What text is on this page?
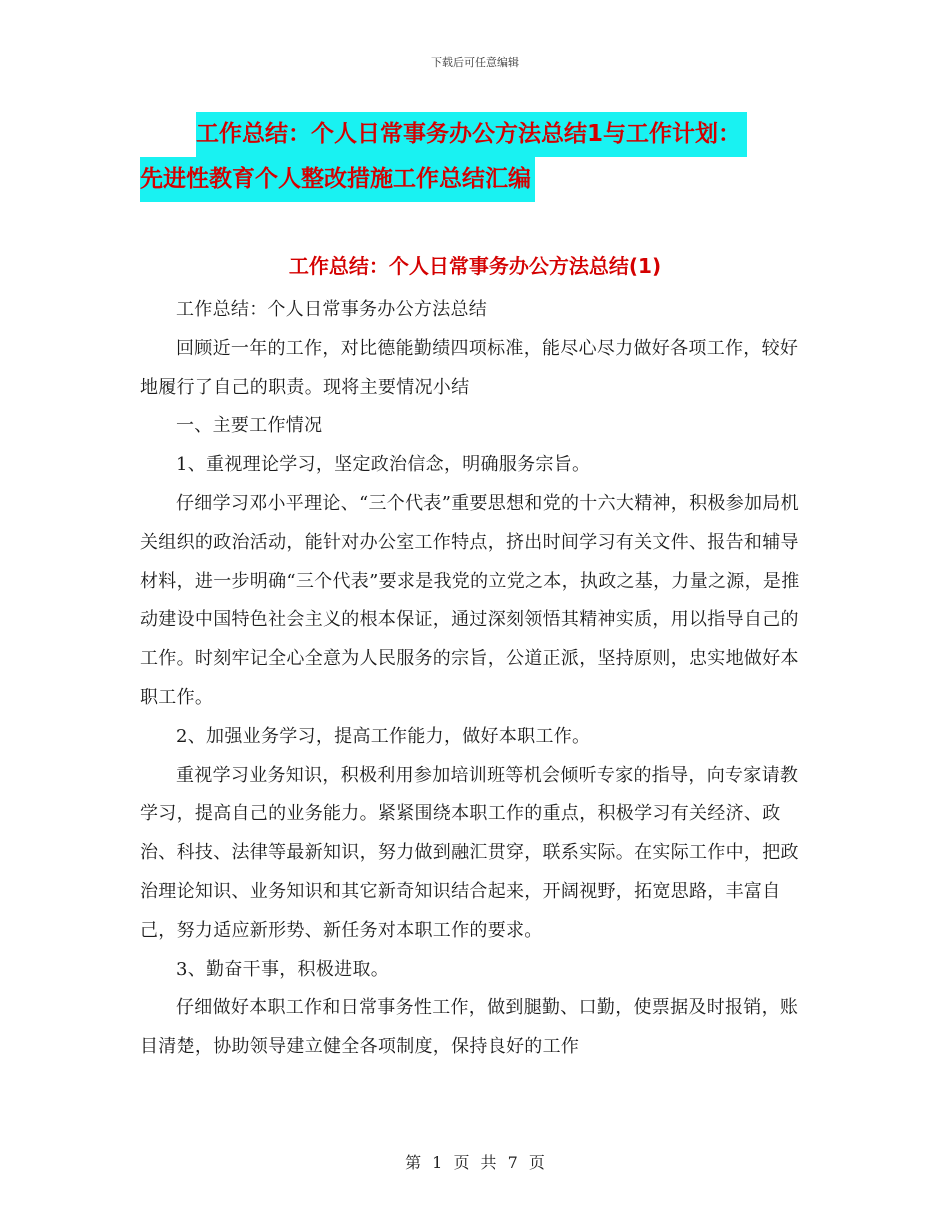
下载后可任意编辑
工作总结：个人日常事务办公方法总结1与工作计划：
先进性教育个人整改措施工作总结汇编
工作总结：个人日常事务办公方法总结(1)

工作总结：个人日常事务办公方法总结

回顾近一年的工作，对比德能勤绩四项标准，能尽心尽力做好各项工作，较好地履行了自己的职责。现将主要情况小结

一、主要工作情况

1、重视理论学习，坚定政治信念，明确服务宗旨。

仔细学习邓小平理论、“三个代表”重要思想和党的十六大精神，积极参加局机关组织的政治活动，能针对办公室工作特点，挤出时间学习有关文件、报告和辅导材料，进一步明确“三个代表”要求是我党的立党之本，执政之基，力量之源，是推动建设中国特色社会主义的根本保证，通过深刻领悟其精神实质，用以指导自己的工作。时刻牢记全心全意为人民服务的宗旨，公道正派，坚持原则，忠实地做好本职工作。

2、加强业务学习，提高工作能力，做好本职工作。

重视学习业务知识，积极利用参加培训班等机会倾听专家的指导，向专家请教学习，提高自己的业务能力。紧紧围绕本职工作的重点，积极学习有关经济、政治、科技、法律等最新知识，努力做到融汇贯穿，联系实际。在实际工作中，把政治理论知识、业务知识和其它新奇知识结合起来，开阔视野，拓宽思路，丰富自己，努力适应新形势、新任务对本职工作的要求。

3、勤奋干事，积极进取。

仔细做好本职工作和日常事务性工作，做到腿勤、口勤，使票据及时报销，账目清楚，协助领导建立健全各项制度，保持良好的工作

第 1 页 共 7 页
